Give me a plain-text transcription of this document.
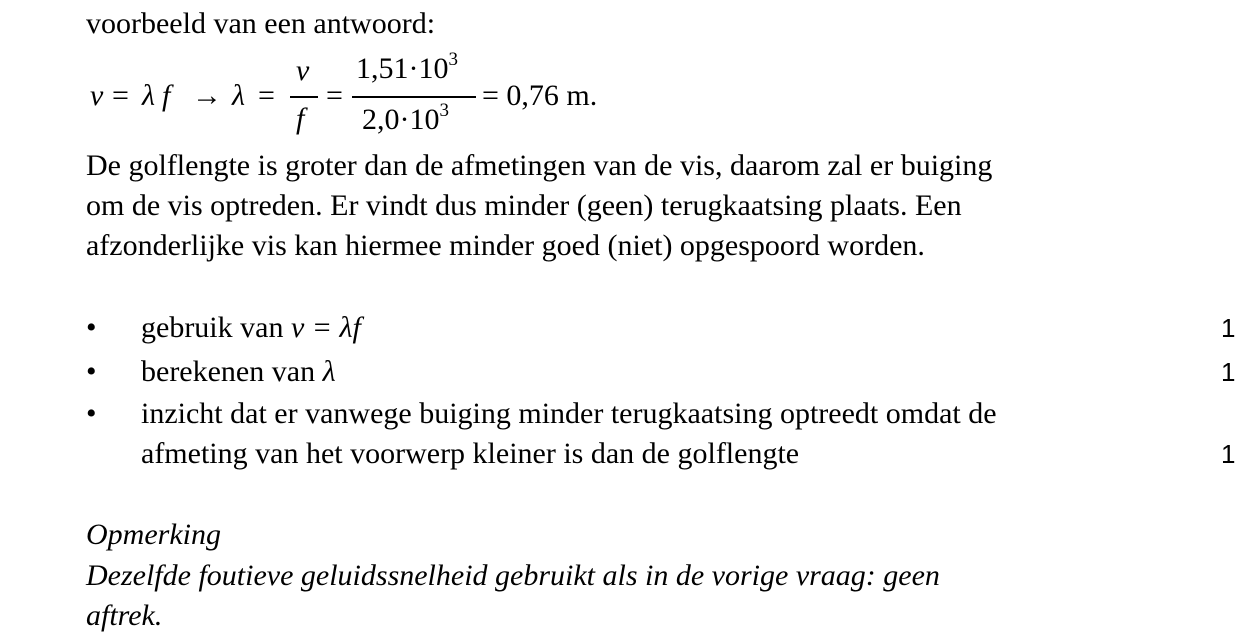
voorbeeld van een antwoord:
v = λ f → λ =
v
f
=
$1,51\cdot 10^3$
$2,0\cdot 10^3 = 0,76$ m.
De golflengte is groter dan de afmetingen van de vis, daarom zal er buiging
om de vis optreden. Er vindt dus minder (geen) terugkaatsing plaats. Een
afzonderlijke vis kan hiermee minder goed (niet) opgespoord worden.
• gebruik van v = λf	1
• berekenen van λ	1
• inzicht dat er vanwege buiging minder terugkaatsing optreedt omdat de
afmeting van het voorwerp kleiner is dan de golflengte	1
Opmerking
Dezelfde foutieve geluidssnelheid gebruikt als in de vorige vraag: geen
aftrek.
